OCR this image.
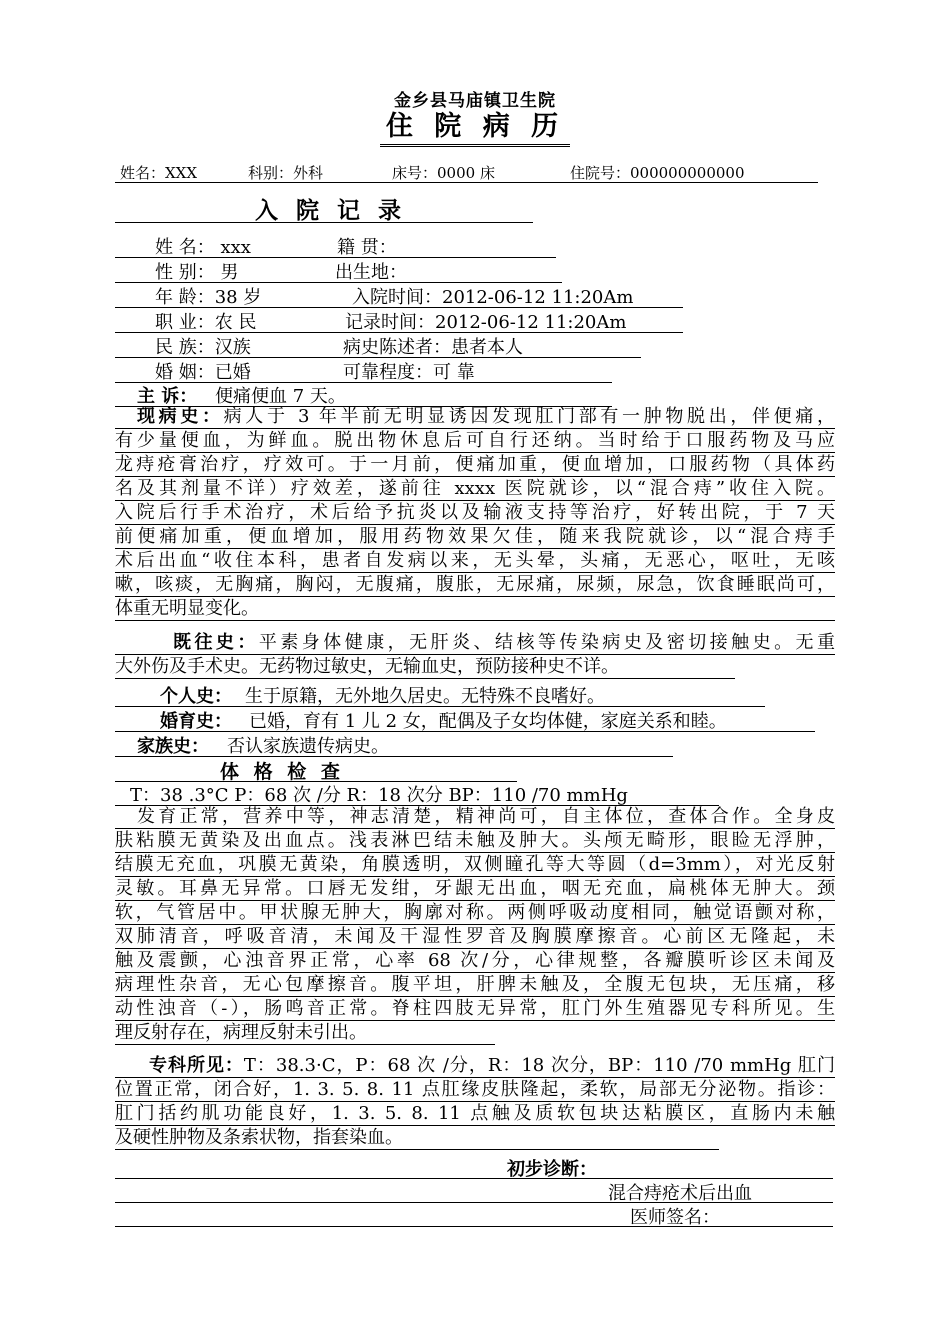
金乡县马庙镇卫生院
住 院 病 历
姓名：XXX	科别：外科	床号：0000 床	住院号：000000000000
入 院 记 录
姓 名： xxx	籍 贯：
性 别： 男	出生地：
年 龄：38 岁	入院时间：2012-06-12 11:20Am
职 业：农 民	记录时间：2012-06-12 11:20Am
民 族：汉族	病史陈述者：患者本人
婚 姻：已婚	可靠程度：可 靠
主 诉： 便痛便血 7 天。
现病史：病人于 3 年半前无明显诱因发现肛门部有一肿物脱出，伴便痛，
有少量便血，为鲜血。脱出物休息后可自行还纳。当时给于口服药物及马应
龙痔疮膏治疗，疗效可。于一月前，便痛加重，便血增加，口服药物（具体药
名及其剂量不详）疗效差，遂前往 xxxx 医院就诊，以“混合痔”收住入院。
入院后行手术治疗，术后给予抗炎以及输液支持等治疗，好转出院，于 7 天
前便痛加重，便血增加，服用药物效果欠佳，随来我院就诊，以“混合痔手
术后出血“收住本科，患者自发病以来，无头晕，头痛，无恶心，呕吐，无咳
嗽，咳痰，无胸痛，胸闷，无腹痛，腹胀，无尿痛，尿频，尿急，饮食睡眠尚可，
体重无明显变化。
既往史：平素身体健康，无肝炎、结核等传染病史及密切接触史。无重
大外伤及手术史。无药物过敏史，无输血史，预防接种史不详。
个人史： 生于原籍，无外地久居史。无特殊不良嗜好。
婚育史： 已婚，育有 1 儿 2 女，配偶及子女均体健，家庭关系和睦。
家族史： 否认家族遗传病史。
体 格 检 查
T：38 .3°C P：68 次 /分 R：18 次分 BP：110 /70 mmHg
发育正常，营养中等，神志清楚，精神尚可，自主体位，查体合作。全身皮
肤粘膜无黄染及出血点。浅表淋巴结未触及肿大。头颅无畸形，眼睑无浮肿，
结膜无充血，巩膜无黄染，角膜透明，双侧瞳孔等大等圆（d=3mm），对光反射
灵敏。耳鼻无异常。口唇无发绀，牙龈无出血，咽无充血，扁桃体无肿大。颈
软，气管居中。甲状腺无肿大，胸廓对称。两侧呼吸动度相同，触觉语颤对称，
双肺清音，呼吸音清，未闻及干湿性罗音及胸膜摩擦音。心前区无隆起，未
触及震颤，心浊音界正常，心率 68 次/分，心律规整，各瓣膜听诊区未闻及
病理性杂音，无心包摩擦音。腹平坦，肝脾未触及，全腹无包块，无压痛，移
动性浊音（-），肠鸣音正常。脊柱四肢无异常，肛门外生殖器见专科所见。生
理反射存在，病理反射未引出。
专科所见：T：38.3·C，P：68 次 /分，R：18 次分，BP：110 /70 mmHg 肛门
位置正常，闭合好，1. 3. 5. 8. 11 点肛缘皮肤隆起，柔软，局部无分泌物。指诊：
肛门括约肌功能良好，1. 3. 5. 8. 11 点触及质软包块达粘膜区，直肠内未触
及硬性肿物及条索状物，指套染血。
初步诊断：
混合痔疮术后出血
医师签名：
